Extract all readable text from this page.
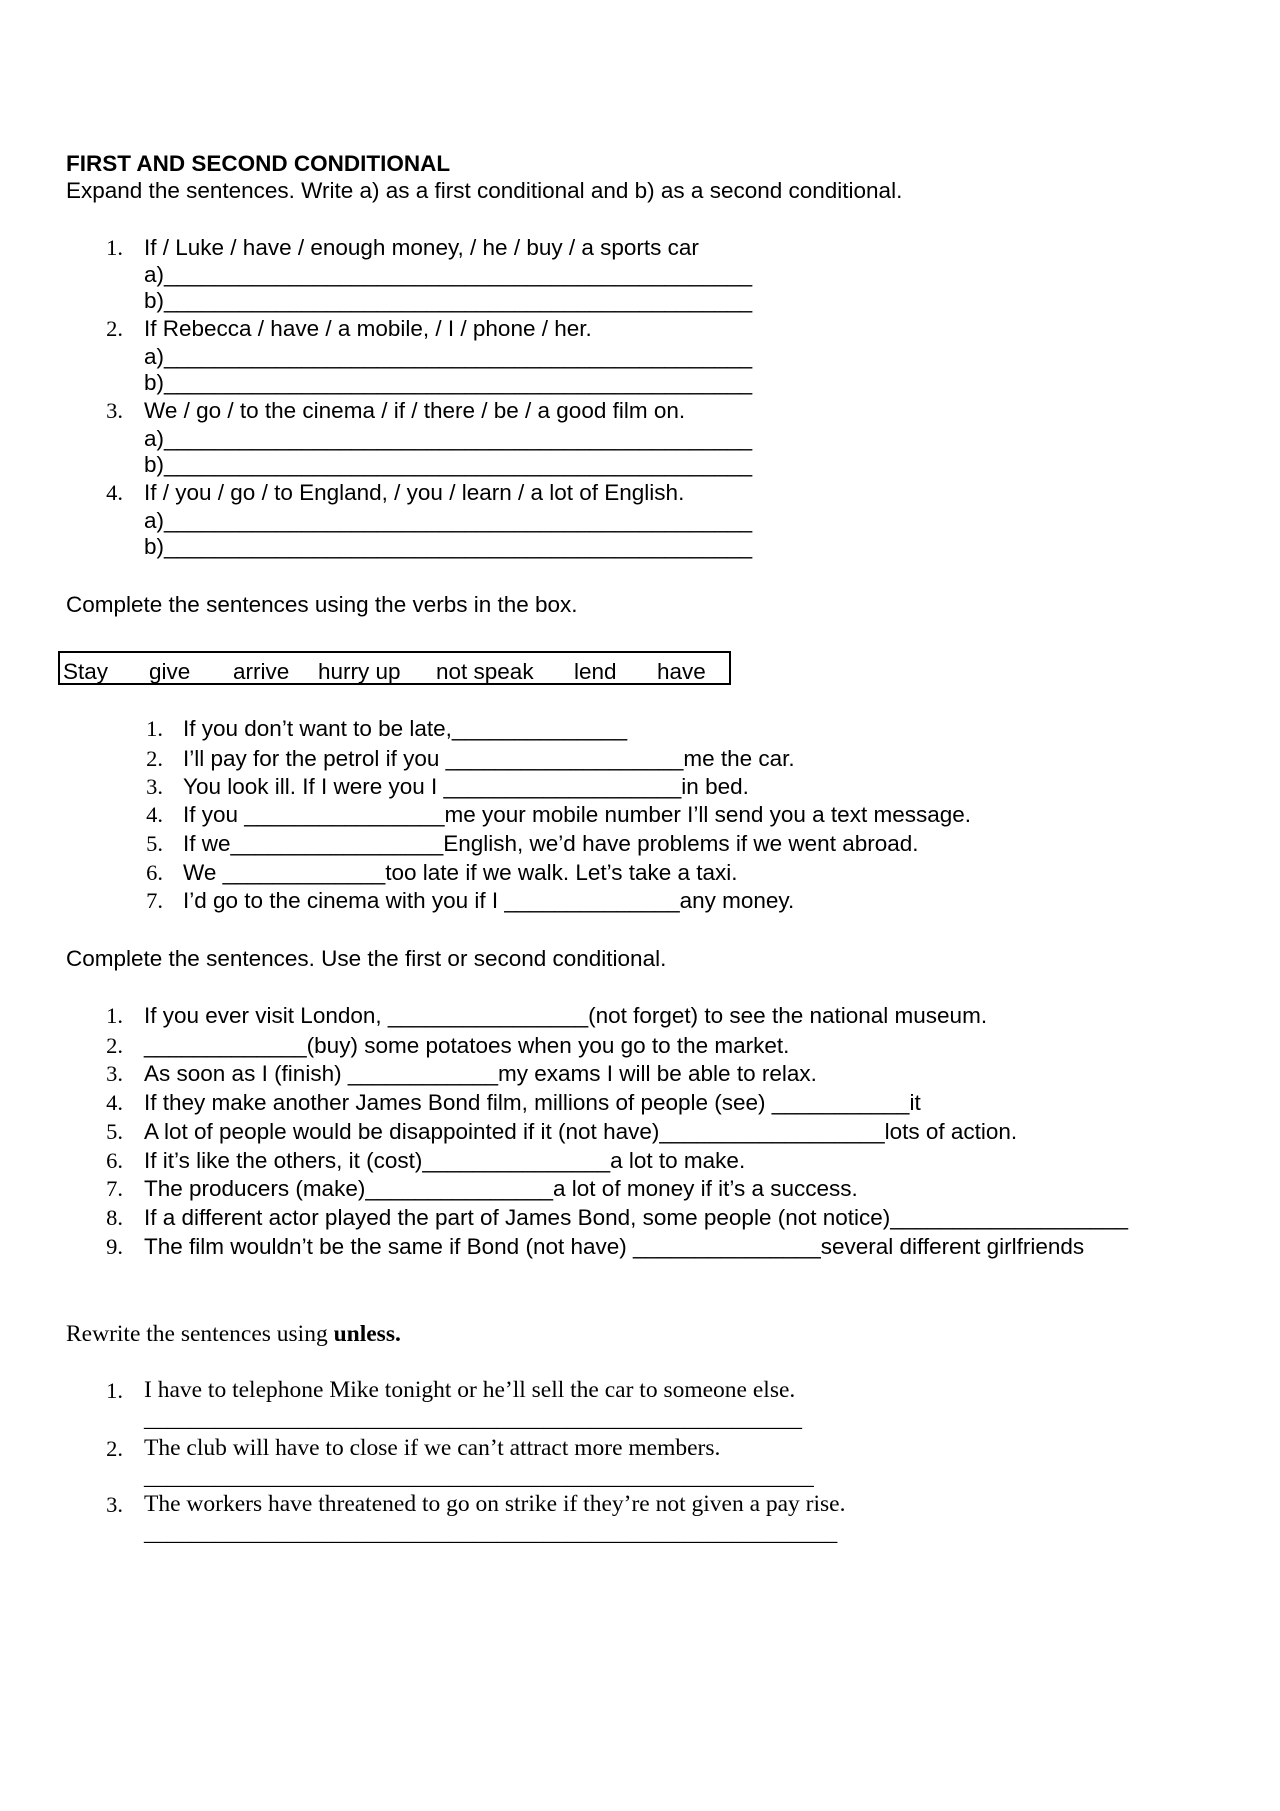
FIRST AND SECOND CONDITIONAL
Expand the sentences. Write a) as a first conditional and b) as a second conditional.
1. If / Luke / have / enough money, / he / buy / a sports car
a)_______________________________________________
b)_______________________________________________
2. If Rebecca / have / a mobile, / I / phone / her.
a)_______________________________________________
b)_______________________________________________
3. We / go / to the cinema / if / there / be / a good film on.
a)_______________________________________________
b)_______________________________________________
4. If / you / go / to England, / you / learn / a lot of English.
a)_______________________________________________
b)_______________________________________________
Complete the sentences using the verbs in the box.
Stay give arrive hurry up not speak lend have
1. If you don’t want to be late,______________
2. I’ll pay for the petrol if you ___________________me the car.
3. You look ill. If I were you I ___________________in bed.
4. If you ________________me your mobile number I’ll send you a text message.
5. If we_________________English, we’d have problems if we went abroad.
6. We _____________too late if we walk. Let’s take a taxi.
7. I’d go to the cinema with you if I ______________any money.
Complete the sentences. Use the first or second conditional.
1. If you ever visit London, ________________(not forget) to see the national museum.
2. _____________(buy) some potatoes when you go to the market.
3. As soon as I (finish) ____________my exams I will be able to relax.
4. If they make another James Bond film, millions of people (see) ___________it
5. A lot of people would be disappointed if it (not have)__________________lots of action.
6. If it’s like the others, it (cost)_______________a lot to make.
7. The producers (make)_______________a lot of money if it’s a success.
8. If a different actor played the part of James Bond, some people (not notice)___________________
9. The film wouldn’t be the same if Bond (not have) _______________several different girlfriends
Rewrite the sentences using unless.
1. I have to telephone Mike tonight or he’ll sell the car to someone else.
________________________________________________________
2. The club will have to close if we can’t attract more members.
_________________________________________________________
3. The workers have threatened to go on strike if they’re not given a pay rise.
___________________________________________________________
